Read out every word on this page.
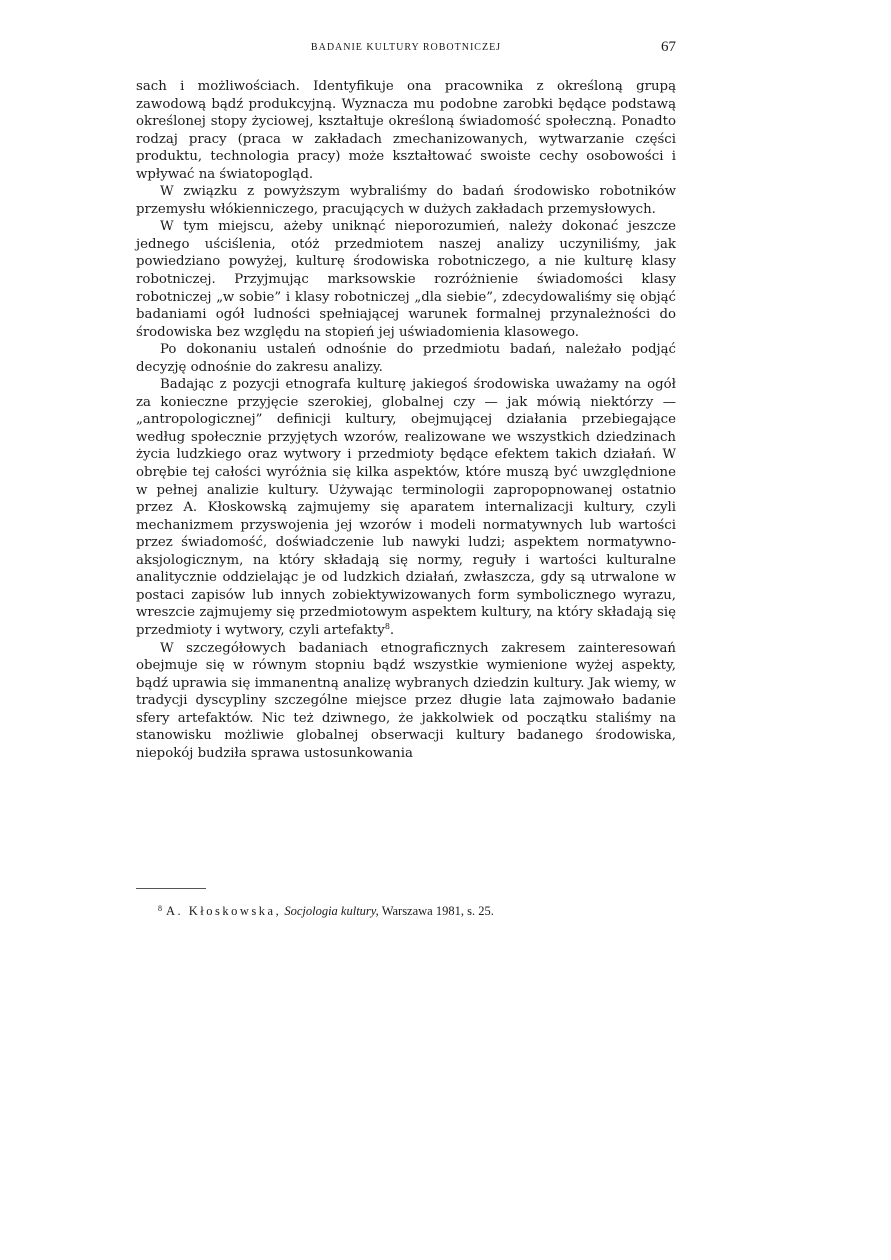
BADANIE KULTURY ROBOTNICZEJ	67

sach i możliwościach. Identyfikuje ona pracownika z określoną grupą zawodową bądź produkcyjną. Wyznacza mu podobne zarobki będące podstawą określonej stopy życiowej, kształtuje określoną świadomość społeczną. Ponadto rodzaj pracy (praca w zakładach zmechanizowanych, wytwarzanie części produktu, technologia pracy) może kształtować swoiste cechy osobowości i wpływać na światopogląd.

W związku z powyższym wybraliśmy do badań środowisko robotników przemysłu włókienniczego, pracujących w dużych zakładach przemysłowych.

W tym miejscu, ażeby uniknąć nieporozumień, należy dokonać jeszcze jednego uściślenia, otóż przedmiotem naszej analizy uczyniliśmy, jak powiedziano powyżej, kulturę środowiska robotniczego, a nie kulturę klasy robotniczej. Przyjmując marksowskie rozróżnienie świadomości klasy robotniczej „w sobie” i klasy robotniczej „dla siebie”, zdecydowaliśmy się objąć badaniami ogół ludności spełniającej warunek formalnej przynależności do środowiska bez względu na stopień jej uświadomienia klasowego.

Po dokonaniu ustaleń odnośnie do przedmiotu badań, należało podjąć decyzję odnośnie do zakresu analizy.

Badając z pozycji etnografa kulturę jakiegoś środowiska uważamy na ogół za konieczne przyjęcie szerokiej, globalnej czy — jak mówią niektórzy — „antropologicznej” definicji kultury, obejmującej działania przebiegające według społecznie przyjętych wzorów, realizowane we wszystkich dziedzinach życia ludzkiego oraz wytwory i przedmioty będące efektem takich działań. W obrębie tej całości wyróżnia się kilka aspektów, które muszą być uwzględnione w pełnej analizie kultury. Używając terminologii zapropopnowanej ostatnio przez A. Kłoskowską zajmujemy się aparatem internalizacji kultury, czyli mechanizmem przyswojenia jej wzorów i modeli normatywnych lub wartości przez świadomość, doświadczenie lub nawyki ludzi; aspektem normatywno-aksjologicznym, na który składają się normy, reguły i wartości kulturalne analitycznie oddzielając je od ludzkich działań, zwłaszcza, gdy są utrwalone w postaci zapisów lub innych zobiektywizowanych form symbolicznego wyrazu, wreszcie zajmujemy się przedmiotowym aspektem kultury, na który składają się przedmioty i wytwory, czyli artefakty$^8$.

W szczegółowych badaniach etnograficznych zakresem zainteresowań obejmuje się w równym stopniu bądź wszystkie wymienione wyżej aspekty, bądź uprawia się immanentną analizę wybranych dziedzin kultury. Jak wiemy, w tradycji dyscypliny szczególne miejsce przez długie lata zajmowało badanie sfery artefaktów. Nic też dziwnego, że jakkolwiek od początku staliśmy na stanowisku możliwie globalnej obserwacji kultury badanego środowiska, niepokój budziła sprawa ustosunkowania

$^8$ A. Kłoskowska, Socjologia kultury, Warszawa 1981, s. 25.
